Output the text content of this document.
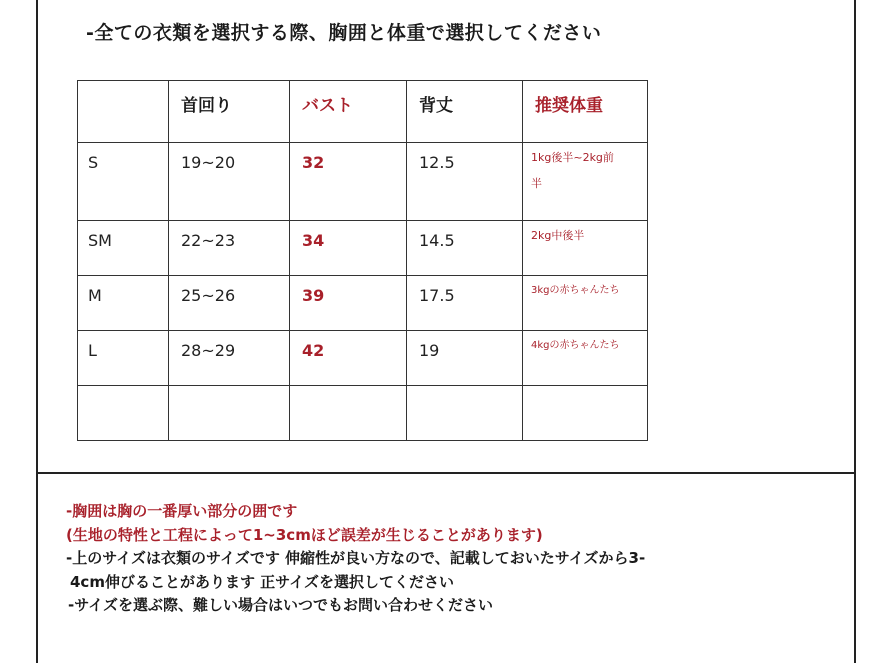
-全ての衣類を選択する際、胸囲と体重で選択してください

	首回り	バスト	背丈	推奨体重

S	19~20	32	12.5	1kg後半~2kg前半

SM	22~23	34	14.5	2kg中後半

M	25~26	39	17.5	3kgの赤ちゃんたち

L	28~29	42	19	4kgの赤ちゃんたち

-胸囲は胸の一番厚い部分の囲です
(生地の特性と工程によって1~3cmほど誤差が生じることがあります)
-上のサイズは衣類のサイズです 伸縮性が良い方なので、記載しておいたサイズから3-
4cm伸びることがあります 正サイズを選択してください
-サイズを選ぶ際、難しい場合はいつでもお問い合わせください
